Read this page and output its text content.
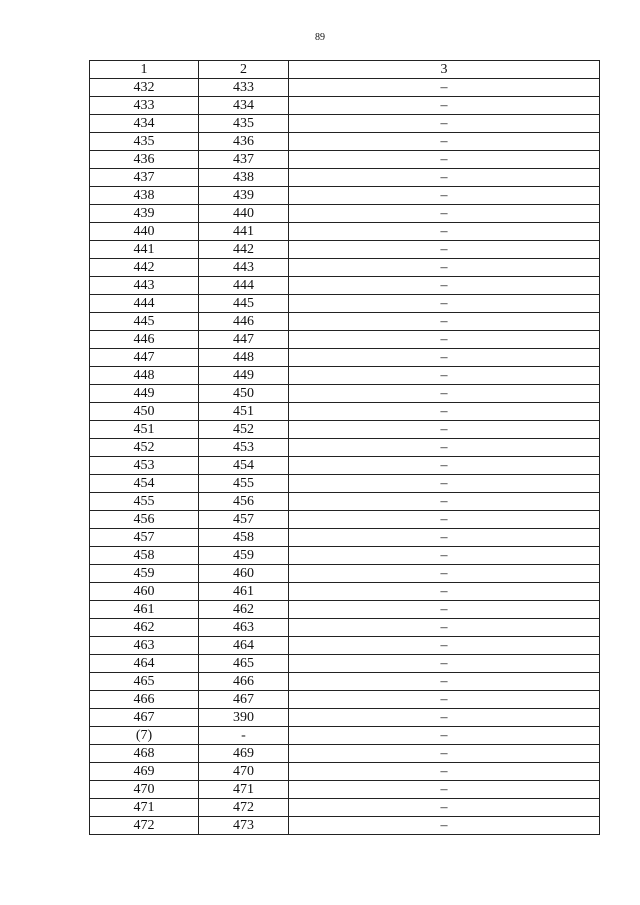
89
1	2	3
432	433	–
433	434	–
434	435	–
435	436	–
436	437	–
437	438	–
438	439	–
439	440	–
440	441	–
441	442	–
442	443	–
443	444	–
444	445	–
445	446	–
446	447	–
447	448	–
448	449	–
449	450	–
450	451	–
451	452	–
452	453	–
453	454	–
454	455	–
455	456	–
456	457	–
457	458	–
458	459	–
459	460	–
460	461	–
461	462	–
462	463	–
463	464	–
464	465	–
465	466	–
466	467	–
467	390	–
(7)	-	–
468	469	–
469	470	–
470	471	–
471	472	–
472	473	–
